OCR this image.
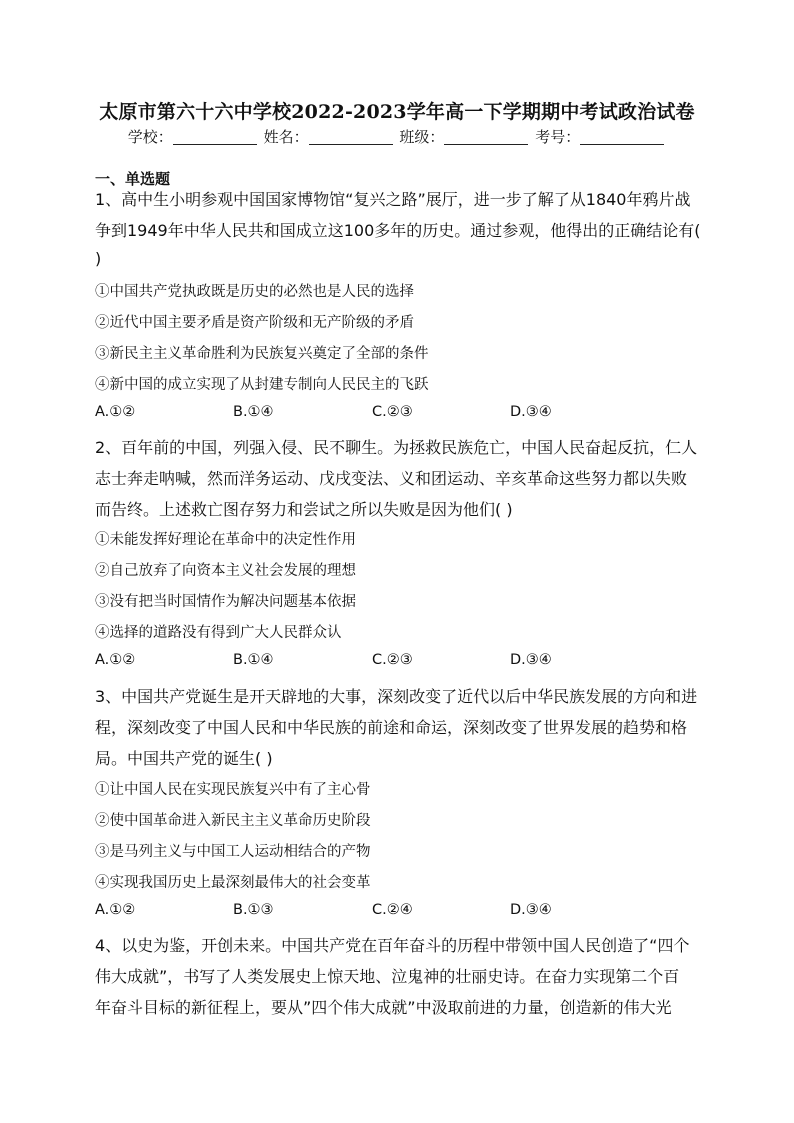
太原市第六十六中学校2022-2023学年高一下学期期中考试政治试卷
学校：	姓名：	班级：	考号：
一、单选题
1、高中生小明参观中国国家博物馆“复兴之路”展厅，进一步了解了从1840年鸦片战
争到1949年中华人民共和国成立这100多年的历史。通过参观，他得出的正确结论有(
)
①中国共产党执政既是历史的必然也是人民的选择
②近代中国主要矛盾是资产阶级和无产阶级的矛盾
③新民主主义革命胜利为民族复兴奠定了全部的条件
④新中国的成立实现了从封建专制向人民民主的飞跃
A.①②	B.①④	C.②③	D.③④
2、百年前的中国，列强入侵、民不聊生。为拯救民族危亡，中国人民奋起反抗，仁人
志士奔走呐喊，然而洋务运动、戊戌变法、义和团运动、辛亥革命这些努力都以失败
而告终。上述救亡图存努力和尝试之所以失败是因为他们( )
①未能发挥好理论在革命中的决定性作用
②自己放弃了向资本主义社会发展的理想
③没有把当时国情作为解决问题基本依据
④选择的道路没有得到广大人民群众认
A.①②	B.①④	C.②③	D.③④
3、中国共产党诞生是开天辟地的大事，深刻改变了近代以后中华民族发展的方向和进
程，深刻改变了中国人民和中华民族的前途和命运，深刻改变了世界发展的趋势和格
局。中国共产党的诞生( )
①让中国人民在实现民族复兴中有了主心骨
②使中国革命进入新民主主义革命历史阶段
③是马列主义与中国工人运动相结合的产物
④实现我国历史上最深刻最伟大的社会变革
A.①②	B.①③	C.②④	D.③④
4、以史为鉴，开创未来。中国共产党在百年奋斗的历程中带领中国人民创造了“四个
伟大成就”，书写了人类发展史上惊天地、泣鬼神的壮丽史诗。在奋力实现第二个百
年奋斗目标的新征程上，要从”四个伟大成就”中汲取前进的力量，创造新的伟大光
